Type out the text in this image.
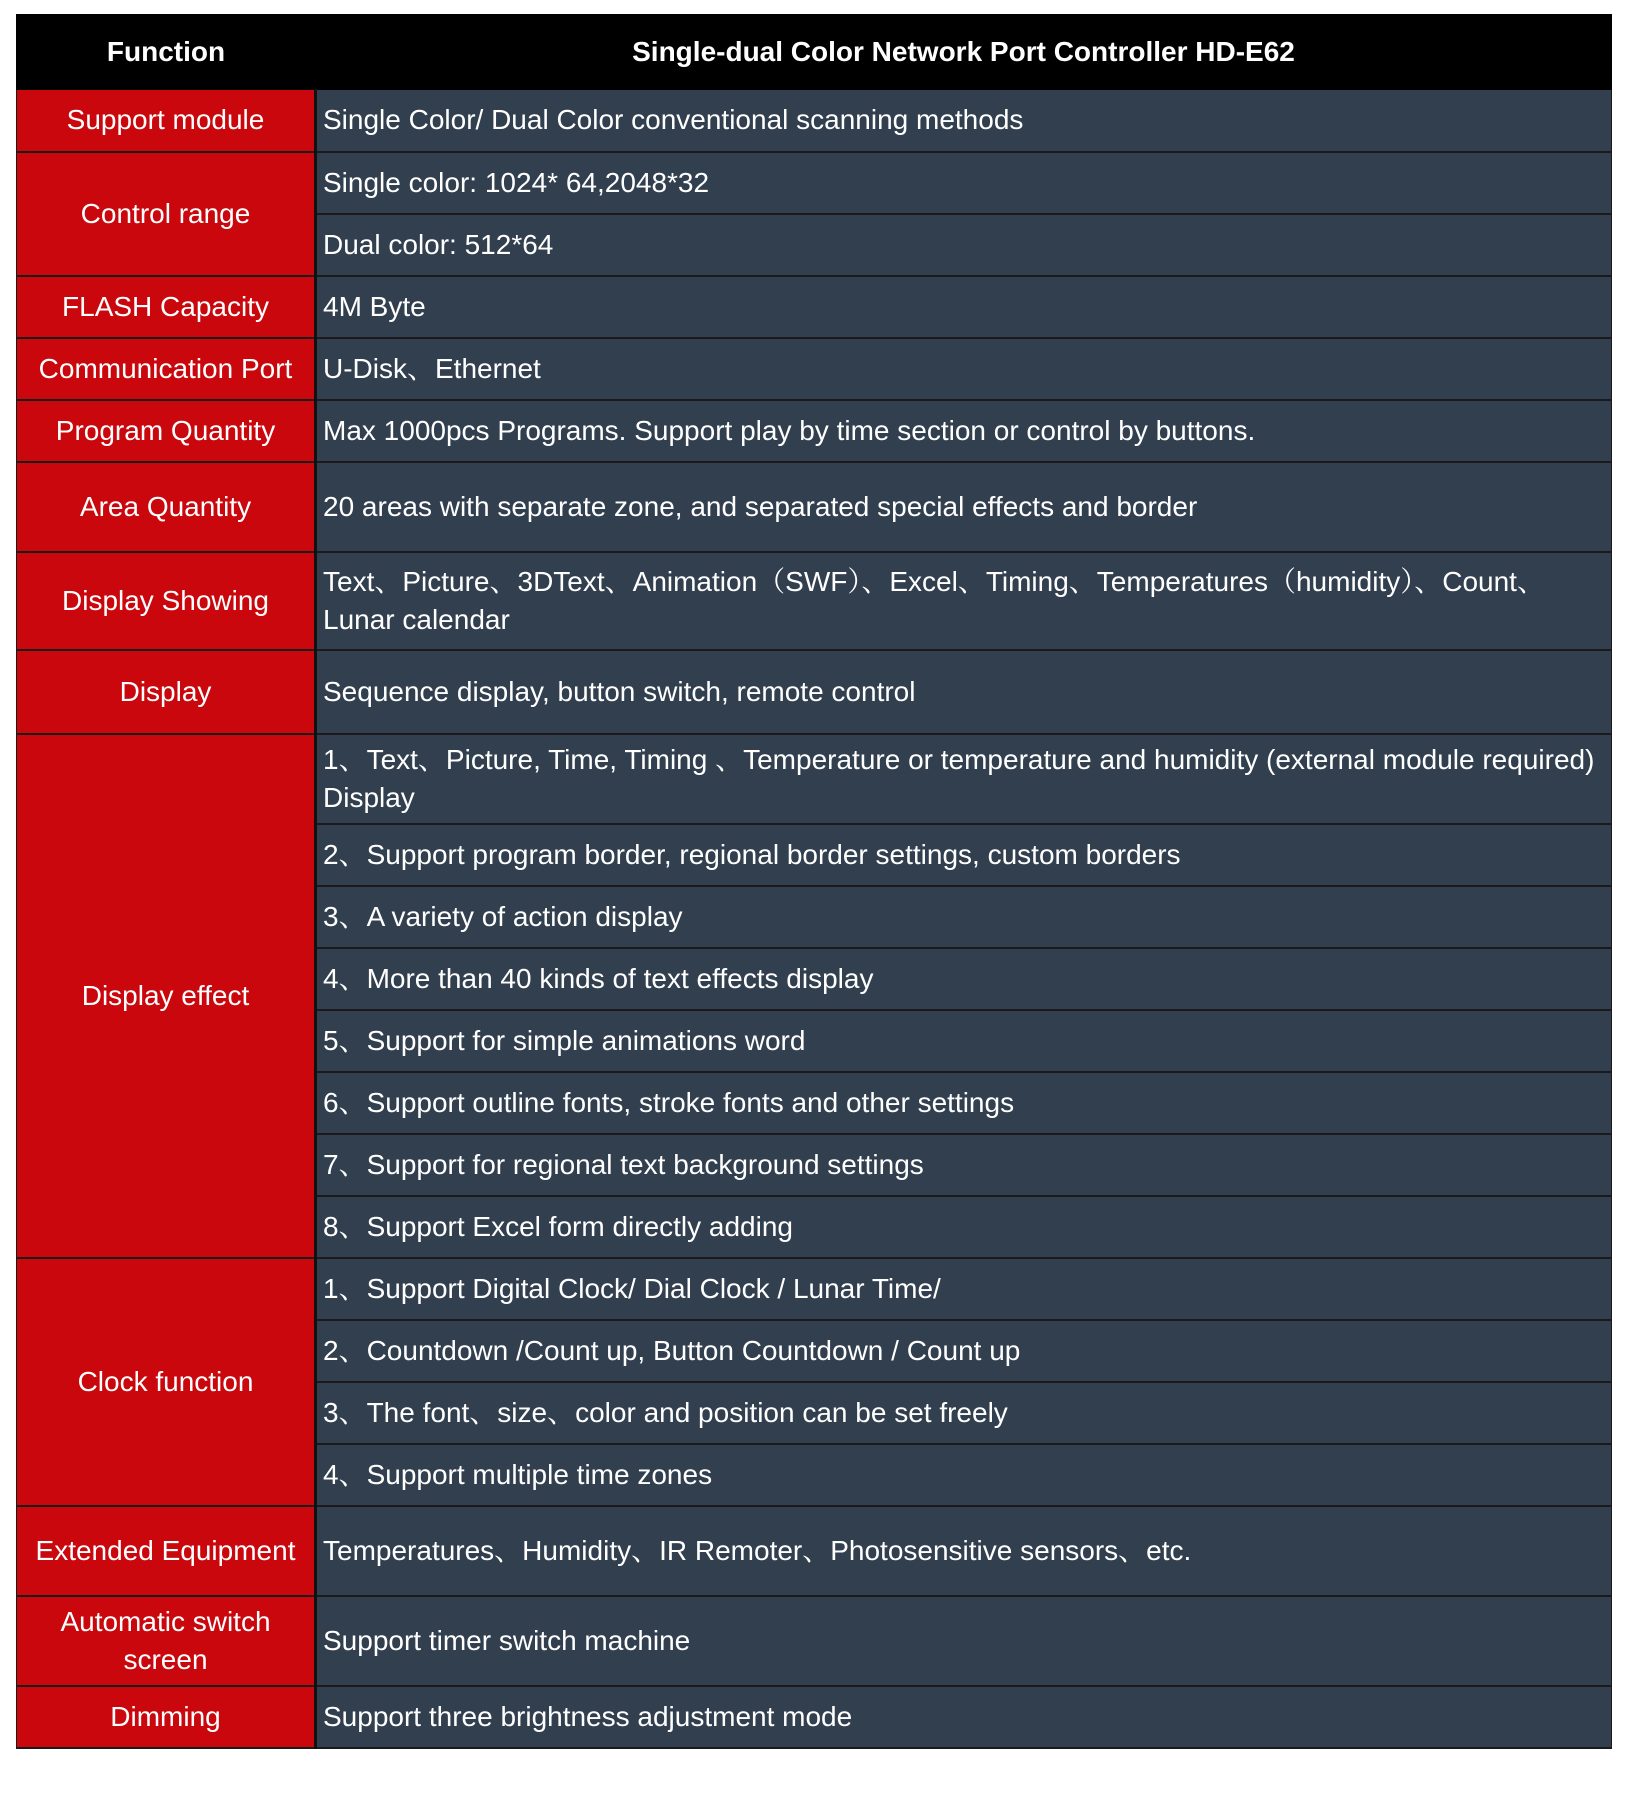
Function	Single-dual Color Network Port Controller HD-E62
Support module	Single Color/ Dual Color conventional scanning methods

Control range	Single color: 1024* 64,2048*32

	Dual color: 512*64

FLASH Capacity	4M Byte

Communication Port	U-Disk、Ethernet

Program Quantity	Max 1000pcs Programs. Support play by time section or control by buttons.

Area Quantity	20 areas with separate zone, and separated special effects and border

Display Showing	Text、Picture、3DText、Animation（SWF）、Excel、Timing、Temperatures（humidity）、Count、Lunar calendar

Display	Sequence display, button switch, remote control

Display effect	1、Text、Picture, Time, Timing 、Temperature or temperature and humidity (external module required) Display

	2、Support program border, regional border settings, custom borders

	3、A variety of action display

	4、More than 40 kinds of text effects display

	5、Support for simple animations word

	6、Support outline fonts, stroke fonts and other settings

	7、Support for regional text background settings

	8、Support Excel form directly adding

Clock function	1、Support Digital Clock/ Dial Clock / Lunar Time/

	2、Countdown /Count up, Button Countdown / Count up

	3、The font、size、color and position can be set freely

	4、Support multiple time zones

Extended Equipment	Temperatures、Humidity、IR Remoter、Photosensitive sensors、etc.

Automatic switch screen	Support timer switch machine

Dimming	Support three brightness adjustment mode
